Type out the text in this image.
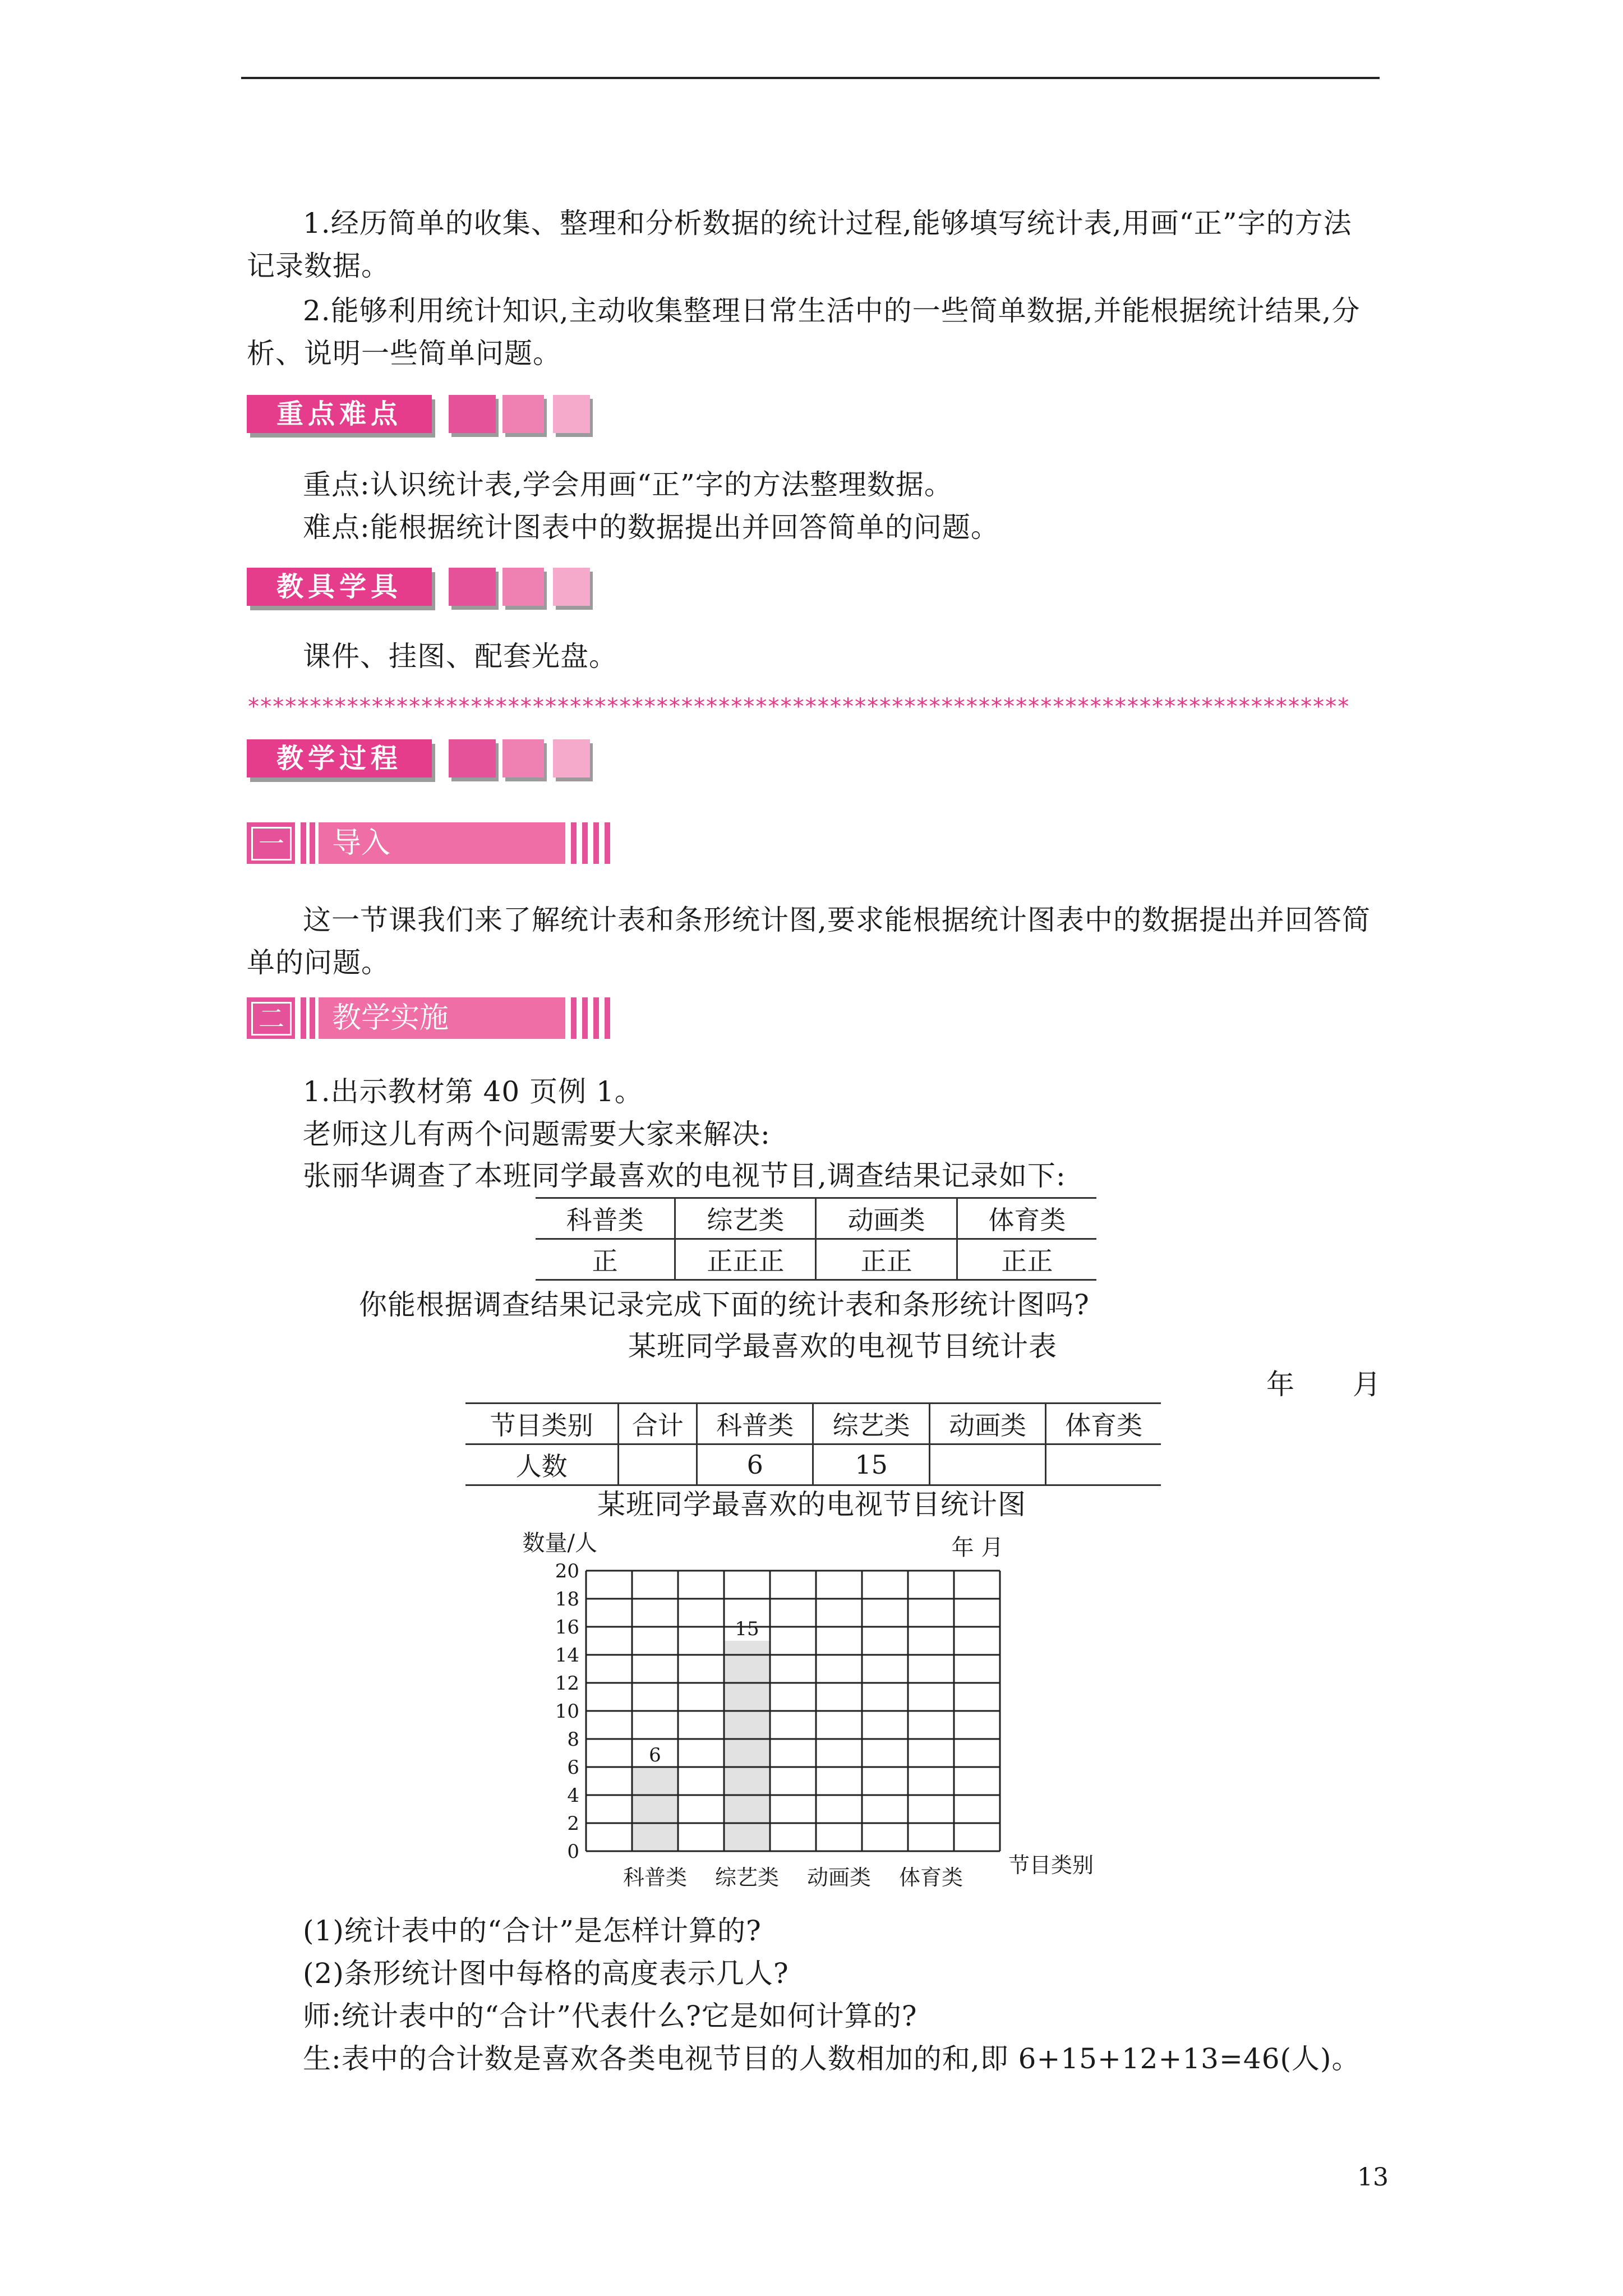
1.经历简单的收集、整理和分析数据的统计过程,能够填写统计表,用画“正”字的方法
记录数据。
2.能够利用统计知识,主动收集整理日常生活中的一些简单数据,并能根据统计结果,分
析、说明一些简单问题。
重点难点
重点:认识统计表,学会用画“正”字的方法整理数据。
难点:能根据统计图表中的数据提出并回答简单的问题。
教具学具
课件、挂图、配套光盘。
*****************************************************************************************
教学过程
一	导入
这一节课我们来了解统计表和条形统计图,要求能根据统计图表中的数据提出并回答简
单的问题。
二	教学实施
1.出示教材第 40 页例 1。
老师这儿有两个问题需要大家来解决:
张丽华调查了本班同学最喜欢的电视节目,调查结果记录如下:
科普类	综艺类	动画类	体育类
正	正正正	正正	正正
你能根据调查结果记录完成下面的统计表和条形统计图吗?
某班同学最喜欢的电视节目统计表
年 月
节目类别	合计	科普类	综艺类	动画类	体育类
人数		6	15		
某班同学最喜欢的电视节目统计图
6
科普类
15
综艺类 动画类 体育类
0
2
4
6
8
10
12
14
16
18
20
数量/人	年 月
节目类别
(1)统计表中的“合计”是怎样计算的?
(2)条形统计图中每格的高度表示几人?
师:统计表中的“合计”代表什么?它是如何计算的?
生:表中的合计数是喜欢各类电视节目的人数相加的和,即 6+15+12+13=46(人)。
13
